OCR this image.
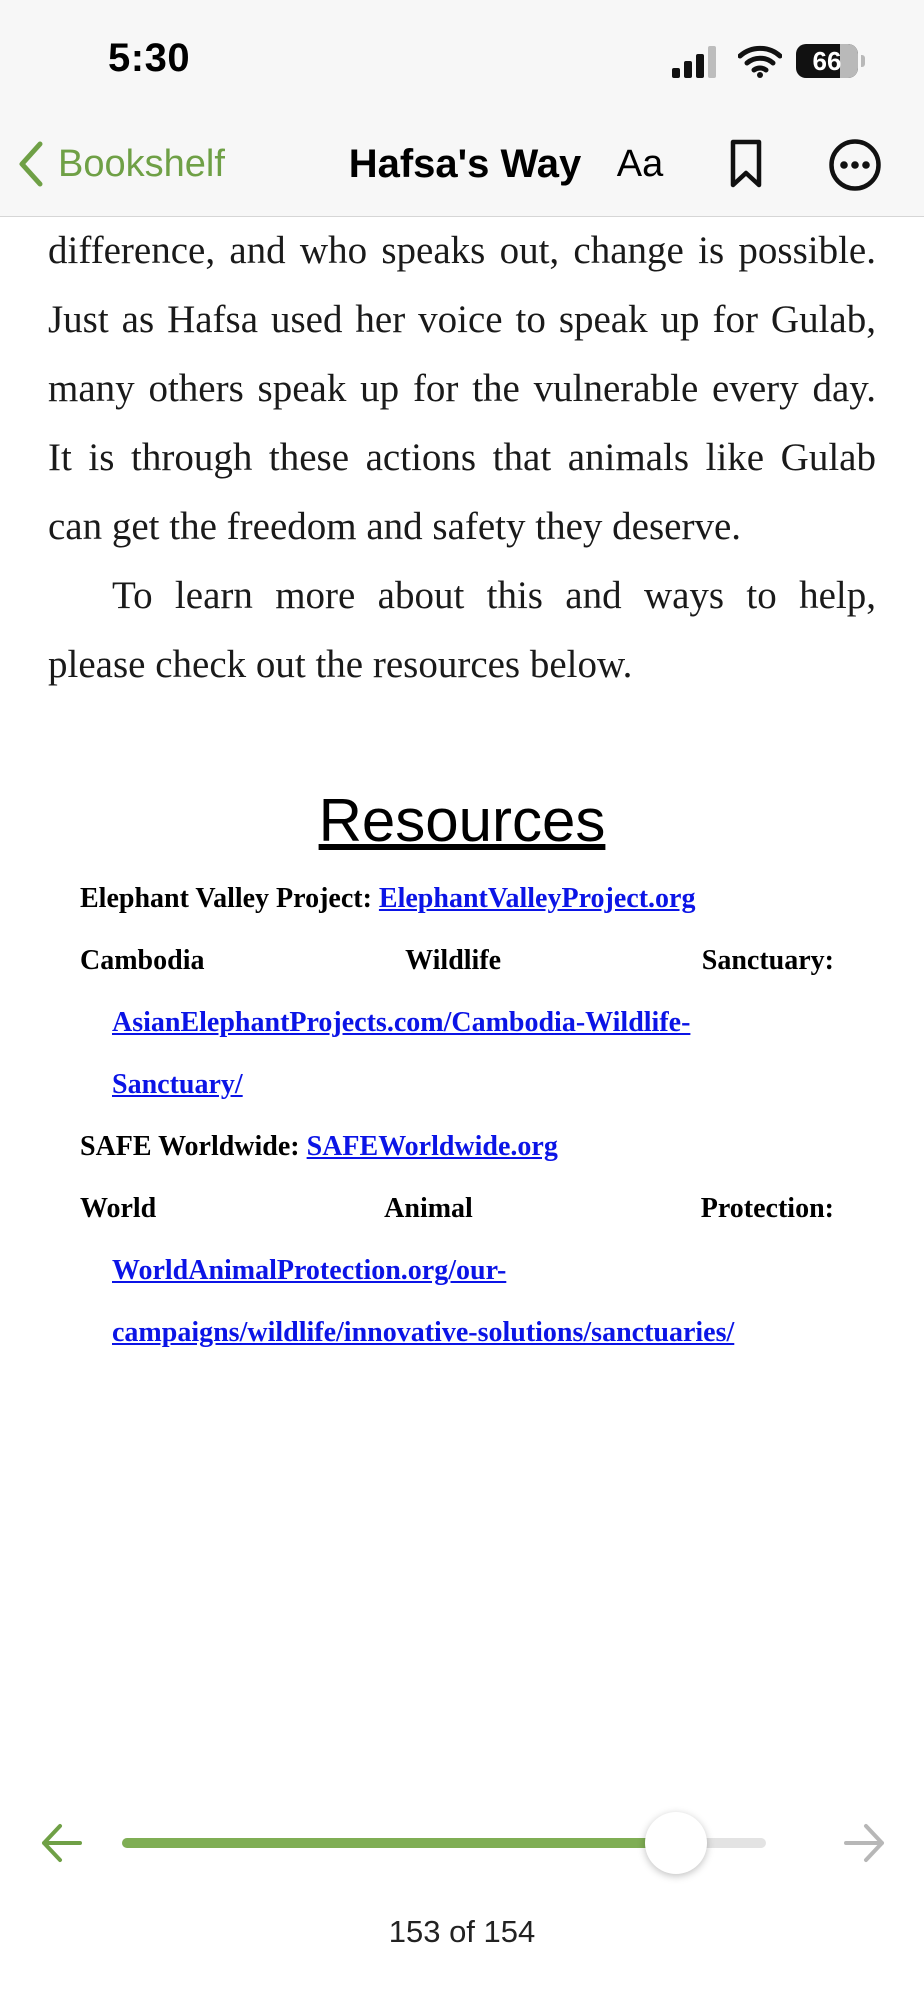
5:30	66
Bookshelf	Hafsa's Way Aa

difference, and who speaks out, change is possible. Just as Hafsa used her voice to speak up for Gulab, many others speak up for the vulnerable every day. It is through these actions that animals like Gulab can get the freedom and safety they deserve.

To learn more about this and ways to help, please check out the resources below.

Resources
Elephant Valley Project: ElephantValleyProject.org
Cambodia	Wildlife	Sanctuary:
AsianElephantProjects.com/Cambodia-Wildlife-
Sanctuary/
SAFE Worldwide: SAFEWorldwide.org
World	Animal	Protection:
WorldAnimalProtection.org/our-
campaigns/wildlife/innovative-solutions/sanctuaries/
153 of 154
